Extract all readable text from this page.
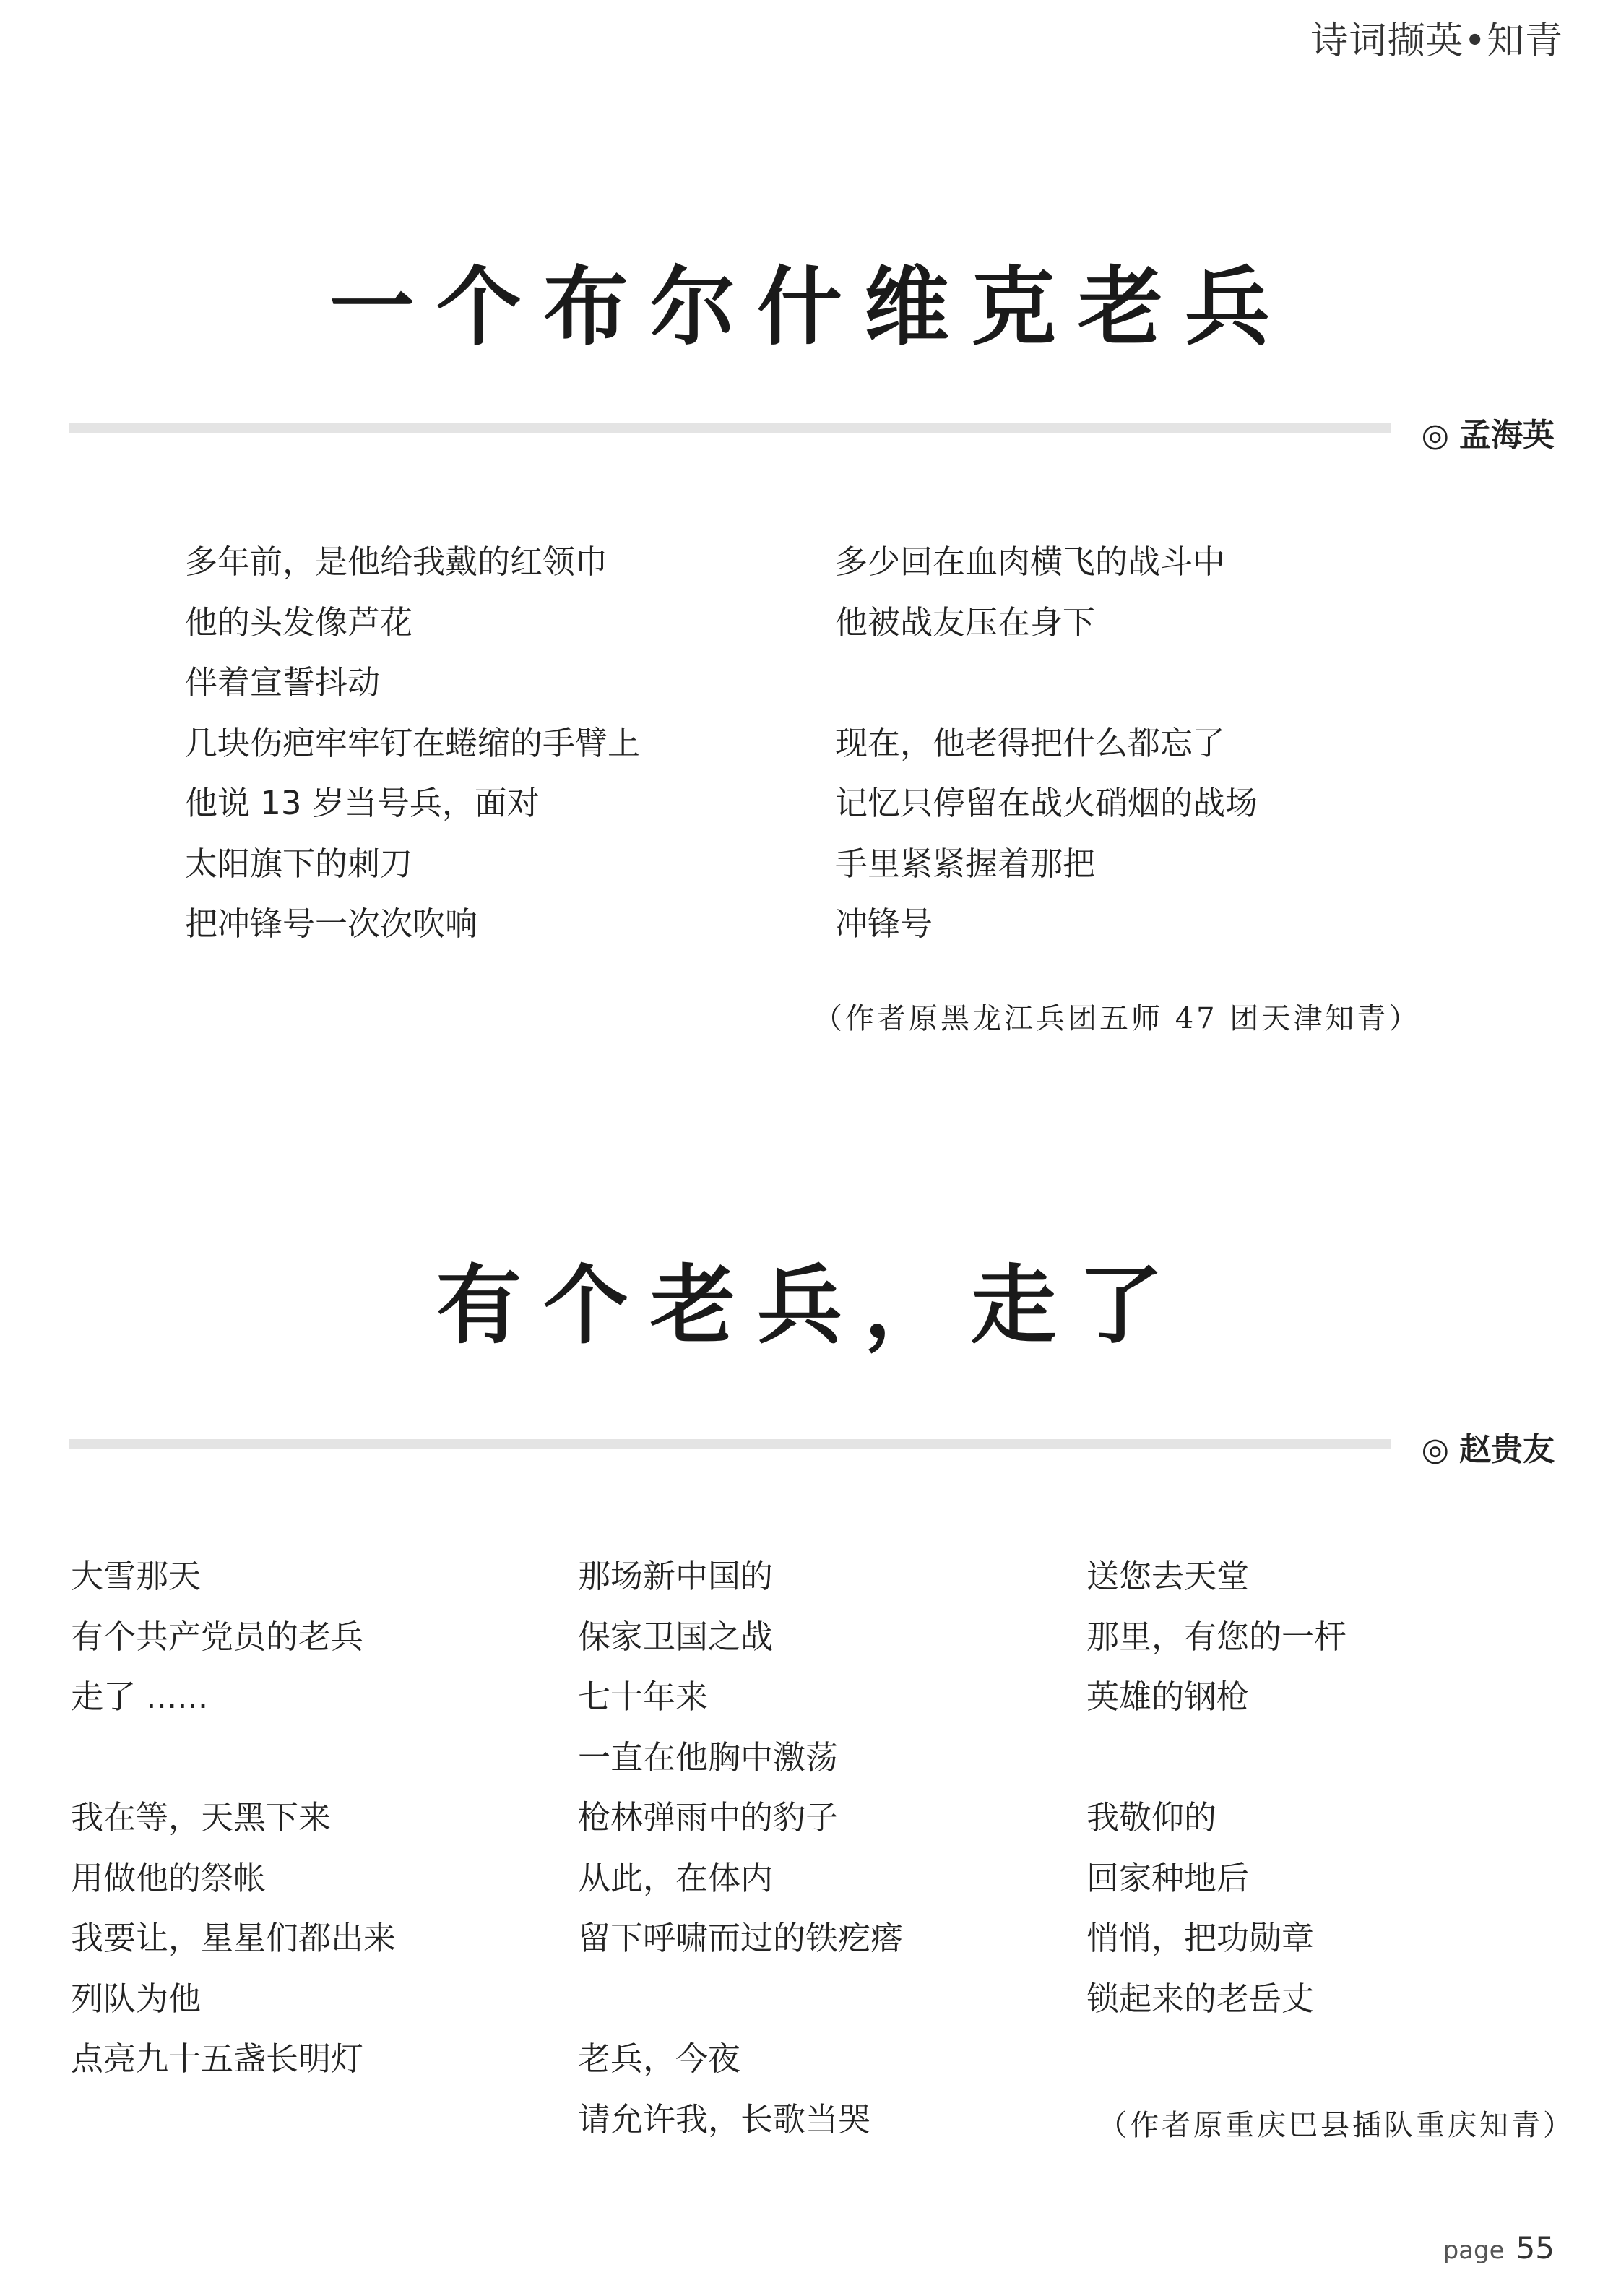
诗词撷英•知青
一个布尔什维克老兵
◎ 孟海英
多年前，是他给我戴的红领巾
他的头发像芦花
伴着宣誓抖动
几块伤疤牢牢钉在蜷缩的手臂上
他说 13 岁当号兵，面对
太阳旗下的刺刀
把冲锋号一次次吹响
多少回在血肉横飞的战斗中
他被战友压在身下
现在，他老得把什么都忘了
记忆只停留在战火硝烟的战场
手里紧紧握着那把
冲锋号
（作者原黑龙江兵团五师 47 团天津知青）
有个老兵，走了
◎ 赵贵友
大雪那天
有个共产党员的老兵
走了 ......
我在等，天黑下来
用做他的祭帐
我要让，星星们都出来
列队为他
点亮九十五盏长明灯
那场新中国的
保家卫国之战
七十年来
一直在他胸中激荡
枪林弹雨中的豹子
从此，在体内
留下呼啸而过的铁疙瘩
老兵，今夜
请允许我，长歌当哭
送您去天堂
那里，有您的一杆
英雄的钢枪
我敬仰的
回家种地后
悄悄，把功勋章
锁起来的老岳丈
（作者原重庆巴县插队重庆知青）
page 55
